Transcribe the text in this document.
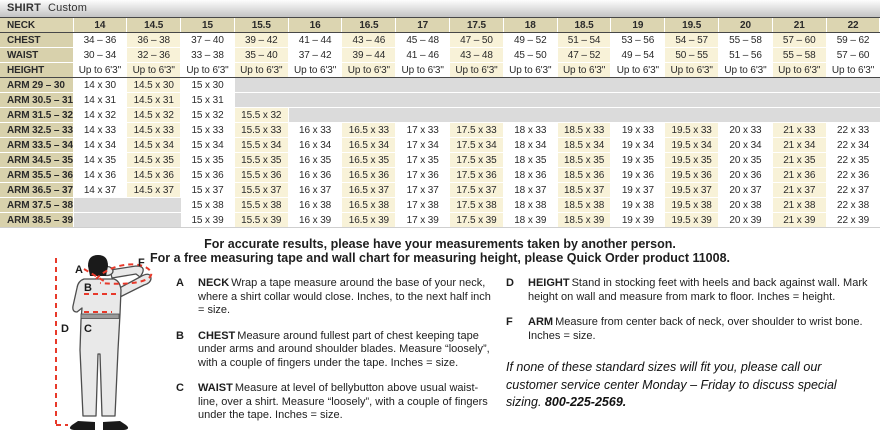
SHIRT Custom
NECK	14	14.5	15	15.5	16	16.5	17	17.5	18	18.5	19	19.5	20	21	22
CHEST	34 – 36	36 – 38	37 – 40	39 – 42	41 – 44	43 – 46	45 – 48	47 – 50	49 – 52	51 – 54	53 – 56	54 – 57	55 – 58	57 – 60	59 – 62
WAIST	30 – 34	32 – 36	33 – 38	35 – 40	37 – 42	39 – 44	41 – 46	43 – 48	45 – 50	47 – 52	49 – 54	50 – 55	51 – 56	55 – 58	57 – 60
HEIGHT	Up to 6'3"	Up to 6'3"	Up to 6'3"	Up to 6'3"	Up to 6'3"	Up to 6'3"	Up to 6'3"	Up to 6'3"	Up to 6'3"	Up to 6'3"	Up to 6'3"	Up to 6'3"	Up to 6'3"	Up to 6'3"	Up to 6'3"
ARM 29 – 30	14 x 30	14.5 x 30	15 x 30												
ARM 30.5 – 31	14 x 31	14.5 x 31	15 x 31												
ARM 31.5 – 32	14 x 32	14.5 x 32	15 x 32	15.5 x 32											
ARM 32.5 – 33	14 x 33	14.5 x 33	15 x 33	15.5 x 33	16 x 33	16.5 x 33	17 x 33	17.5 x 33	18 x 33	18.5 x 33	19 x 33	19.5 x 33	20 x 33	21 x 33	22 x 33
ARM 33.5 – 34	14 x 34	14.5 x 34	15 x 34	15.5 x 34	16 x 34	16.5 x 34	17 x 34	17.5 x 34	18 x 34	18.5 x 34	19 x 34	19.5 x 34	20 x 34	21 x 34	22 x 34
ARM 34.5 – 35	14 x 35	14.5 x 35	15 x 35	15.5 x 35	16 x 35	16.5 x 35	17 x 35	17.5 x 35	18 x 35	18.5 x 35	19 x 35	19.5 x 35	20 x 35	21 x 35	22 x 35
ARM 35.5 – 36	14 x 36	14.5 x 36	15 x 36	15.5 x 36	16 x 36	16.5 x 36	17 x 36	17.5 x 36	18 x 36	18.5 x 36	19 x 36	19.5 x 36	20 x 36	21 x 36	22 x 36
ARM 36.5 – 37	14 x 37	14.5 x 37	15 x 37	15.5 x 37	16 x 37	16.5 x 37	17 x 37	17.5 x 37	18 x 37	18.5 x 37	19 x 37	19.5 x 37	20 x 37	21 x 37	22 x 37
ARM 37.5 – 38			15 x 38	15.5 x 38	16 x 38	16.5 x 38	17 x 38	17.5 x 38	18 x 38	18.5 x 38	19 x 38	19.5 x 38	20 x 38	21 x 38	22 x 38
ARM 38.5 – 39			15 x 39	15.5 x 39	16 x 39	16.5 x 39	17 x 39	17.5 x 39	18 x 39	18.5 x 39	19 x 39	19.5 x 39	20 x 39	21 x 39	22 x 39
For accurate results, please have your measurements taken by another person.
For a free measuring tape and wall chart for measuring height, please Quick Order product 11008.
A
B
C
D
F
A NECK Wrap a tape measure around the base of your neck, where a shirt collar would close. Inches, to the next half inch = size.

B CHEST Measure around fullest part of chest keeping tape under arms and around shoulder blades. Measure “loosely”, with a couple of fingers under the tape. Inches = size.

C WAIST Measure at level of bellybutton above usual waist-line, over a shirt. Measure “loosely”, with a couple of fingers under the tape. Inches = size.

D HEIGHT Stand in stocking feet with heels and back against wall. Mark height on wall and measure from mark to floor. Inches = height.

F ARM Measure from center back of neck, over shoulder to wrist bone. Inches = size.

If none of these standard sizes will fit you, please call our customer service center Monday – Friday to discuss special sizing. 800-225-2569.
